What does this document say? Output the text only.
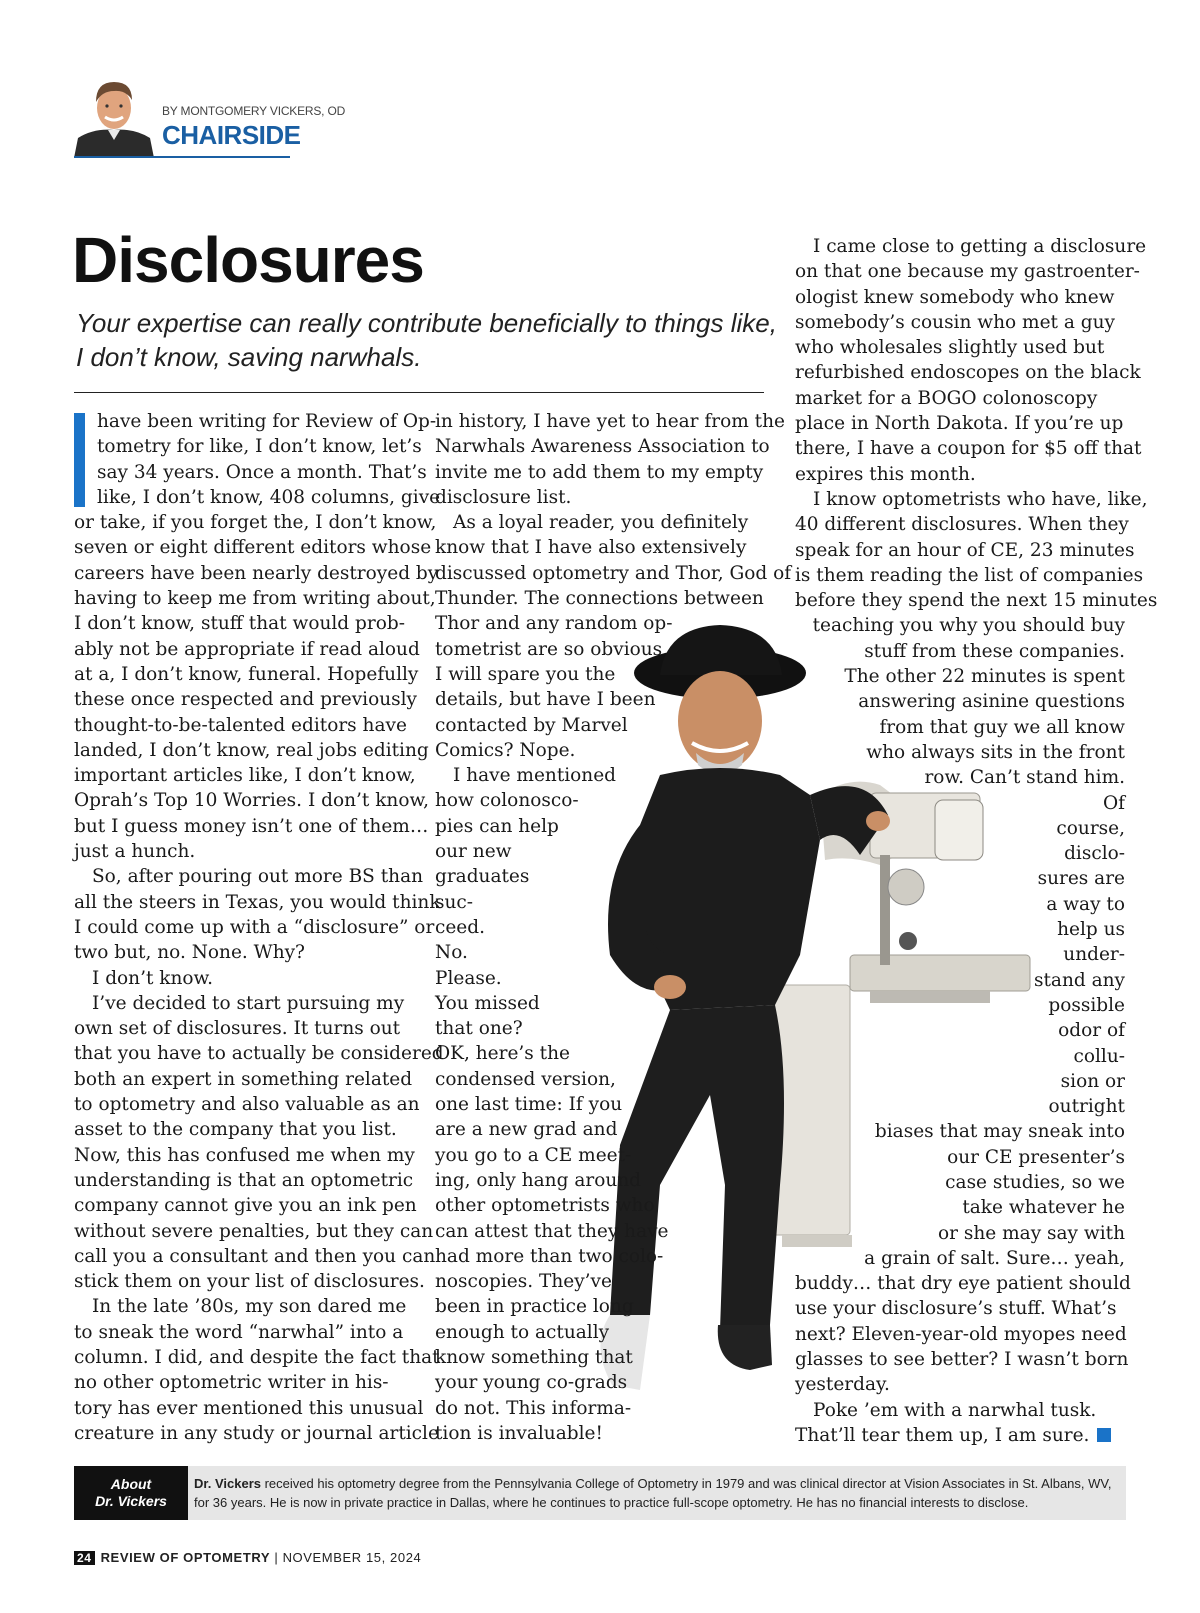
BY MONTGOMERY VICKERS, OD
CHAIRSIDE
Disclosures
Your expertise can really contribute beneficially to things like,
I don’t know, saving narwhals.
have been writing for Review of Op-
tometry for like, I don’t know, let’s
say 34 years. Once a month. That’s
like, I don’t know, 408 columns, give
or take, if you forget the, I don’t know,
seven or eight different editors whose
careers have been nearly destroyed by
having to keep me from writing about,
I don’t know, stuff that would prob-
ably not be appropriate if read aloud
at a, I don’t know, funeral. Hopefully
these once respected and previously
thought-to-be-talented editors have
landed, I don’t know, real jobs editing
important articles like, I don’t know,
Oprah’s Top 10 Worries. I don’t know,
but I guess money isn’t one of them…
just a hunch.
So, after pouring out more BS than
all the steers in Texas, you would think
I could come up with a “disclosure” or
two but, no. None. Why?
I don’t know.
I’ve decided to start pursuing my
own set of disclosures. It turns out
that you have to actually be considered
both an expert in something related
to optometry and also valuable as an
asset to the company that you list.
Now, this has confused me when my
understanding is that an optometric
company cannot give you an ink pen
without severe penalties, but they can
call you a consultant and then you can
stick them on your list of disclosures.
In the late ’80s, my son dared me
to sneak the word “narwhal” into a
column. I did, and despite the fact that
no other optometric writer in his-
tory has ever mentioned this unusual
creature in any study or journal article
in history, I have yet to hear from the
Narwhals Awareness Association to
invite me to add them to my empty
disclosure list.
As a loyal reader, you definitely
know that I have also extensively
discussed optometry and Thor, God of
Thunder. The connections between
Thor and any random op-
tometrist are so obvious
I will spare you the
details, but have I been
contacted by Marvel
Comics? Nope.
I have mentioned
how colonosco-
pies can help
our new
graduates
suc-
ceed.
No.
Please.
You missed
that one?
OK, here’s the
condensed version,
one last time: If you
are a new grad and
you go to a CE meet-
ing, only hang around
other optometrists who
can attest that they have
had more than two colo-
noscopies. They’ve
been in practice long
enough to actually
know something that
your young co-grads
do not. This informa-
tion is invaluable!
I came close to getting a disclosure
on that one because my gastroenter-
ologist knew somebody who knew
somebody’s cousin who met a guy
who wholesales slightly used but
refurbished endoscopes on the black
market for a BOGO colonoscopy
place in North Dakota. If you’re up
there, I have a coupon for $5 off that
expires this month.
I know optometrists who have, like,
40 different disclosures. When they
speak for an hour of CE, 23 minutes
is them reading the list of companies
before they spend the next 15 minutes
teaching you why you should buy
stuff from these companies.
The other 22 minutes is spent
answering asinine questions
from that guy we all know
who always sits in the front
row. Can’t stand him.
Of
course,
disclo-
sures are
a way to
help us
under-
stand any
possible
odor of
collu-
sion or
outright
biases that may sneak into
our CE presenter’s
case studies, so we
take whatever he
or she may say with
a grain of salt. Sure… yeah,
buddy… that dry eye patient should
use your disclosure’s stuff. What’s
next? Eleven-year-old myopes need
glasses to see better? I wasn’t born
yesterday.
Poke ’em with a narwhal tusk.
That’ll tear them up, I am sure.
About
Dr. Vickers
Dr. Vickers received his optometry degree from the Pennsylvania College of Optometry in 1979 and was clinical director at Vision Associates in St. Albans, WV, for 36 years. He is now in private practice in Dallas, where he continues to practice full-scope optometry. He has no financial interests to disclose.
24 REVIEW OF OPTOMETRY | NOVEMBER 15, 2024
